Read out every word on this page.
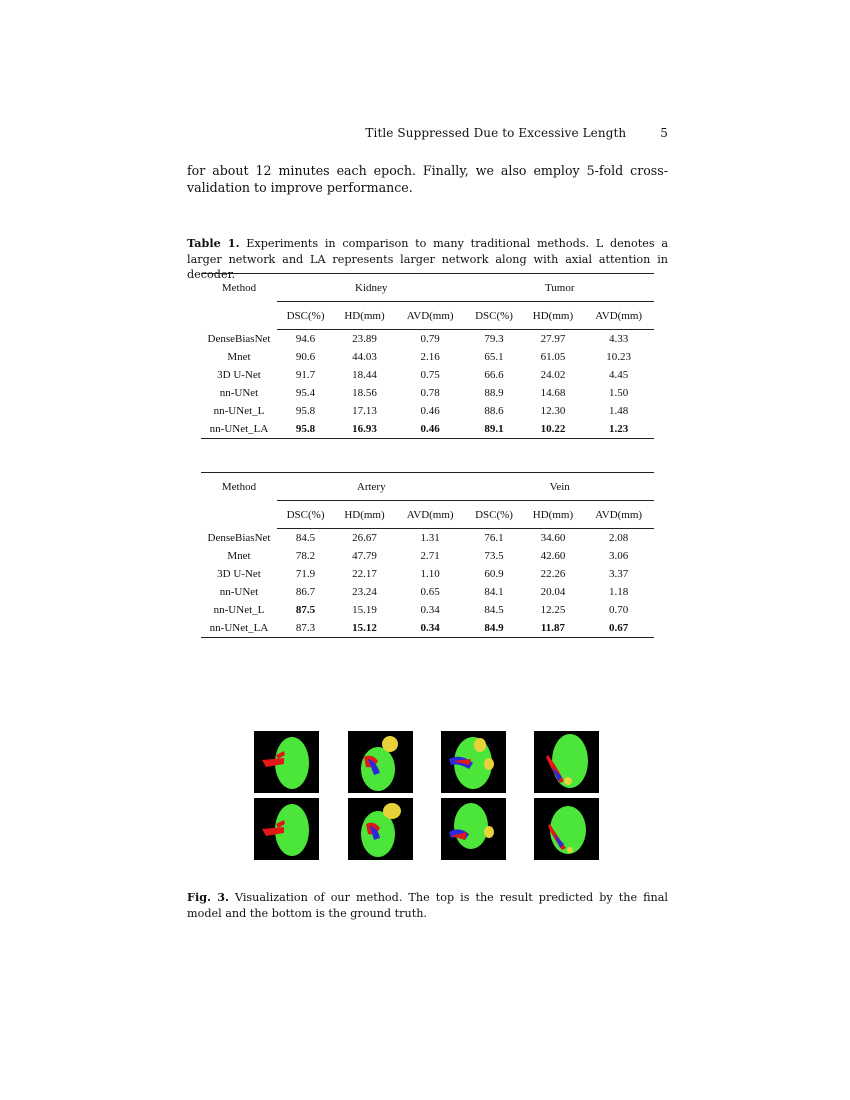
Title Suppressed Due to Excessive Length	5
for about 12 minutes each epoch. Finally, we also employ 5-fold cross-validation to improve performance.
Table 1. Experiments in comparison to many traditional methods. L denotes a larger network and LA represents larger network along with axial attention in decoder.
Method	Kidney			Tumor		
	DSC(%)	HD(mm)	AVD(mm)	DSC(%)	HD(mm)	AVD(mm)
DenseBiasNet	94.6	23.89	0.79	79.3	27.97	4.33
Mnet	90.6	44.03	2.16	65.1	61.05	10.23
3D U-Net	91.7	18.44	0.75	66.6	24.02	4.45
nn-UNet	95.4	18.56	0.78	88.9	14.68	1.50
nn-UNet_L	95.8	17.13	0.46	88.6	12.30	1.48
nn-UNet_LA	95.8	16.93	0.46	89.1	10.22	1.23
Method	Artery			Vein		
	DSC(%)	HD(mm)	AVD(mm)	DSC(%)	HD(mm)	AVD(mm)
DenseBiasNet	84.5	26.67	1.31	76.1	34.60	2.08
Mnet	78.2	47.79	2.71	73.5	42.60	3.06
3D U-Net	71.9	22.17	1.10	60.9	22.26	3.37
nn-UNet	86.7	23.24	0.65	84.1	20.04	1.18
nn-UNet_L	87.5	15.19	0.34	84.5	12.25	0.70
nn-UNet_LA	87.3	15.12	0.34	84.9	11.87	0.67
Fig. 3. Visualization of our method. The top is the result predicted by the final model and the bottom is the ground truth.
